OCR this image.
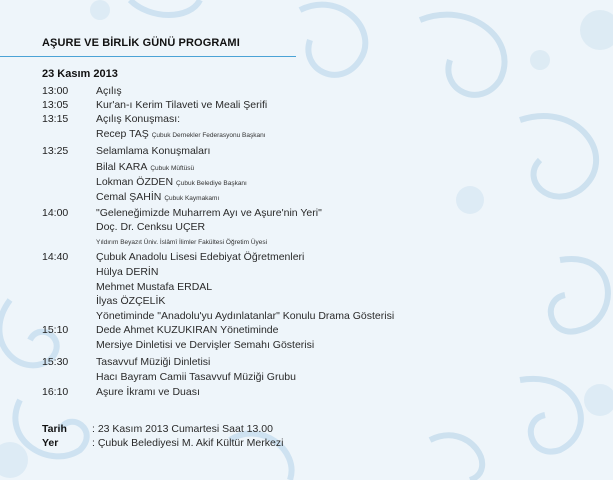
AŞURE VE BİRLİK GÜNÜ PROGRAMI
23 Kasım 2013
13:00	Açılış
13:05	Kur'an-ı Kerim Tilaveti ve Meali Şerifi
13:15	Açılış Konuşması:
Recep TAŞ Çubuk Dernekler Federasyonu Başkanı
13:25	Selamlama Konuşmaları
Bilal KARA Çubuk Müftüsü
Lokman ÖZDEN Çubuk Belediye Başkanı
Cemal ŞAHİN Çubuk Kaymakamı
14:00	"Geleneğimizde Muharrem Ayı ve Aşure'nin Yeri"
Doç. Dr. Cenksu UÇER
Yıldırım Beyazıt Üniv. İslâmî İlimler Fakültesi Öğretim Üyesi
14:40	Çubuk Anadolu Lisesi Edebiyat Öğretmenleri
Hülya DERİN
Mehmet Mustafa ERDAL
İlyas ÖZÇELİK
Yönetiminde "Anadolu'yu Aydınlatanlar" Konulu Drama Gösterisi
15:10	Dede Ahmet KUZUKIRAN Yönetiminde
Mersiye Dinletisi ve Dervişler Semahı Gösterisi
15:30	Tasavvuf Müziği Dinletisi
Hacı Bayram Camii Tasavvuf Müziği Grubu
16:10	Aşure İkramı ve Duası
Tarih : 23 Kasım 2013 Cumartesi Saat 13.00
Yer	: Çubuk Belediyesi M. Akif Kültür Merkezi
